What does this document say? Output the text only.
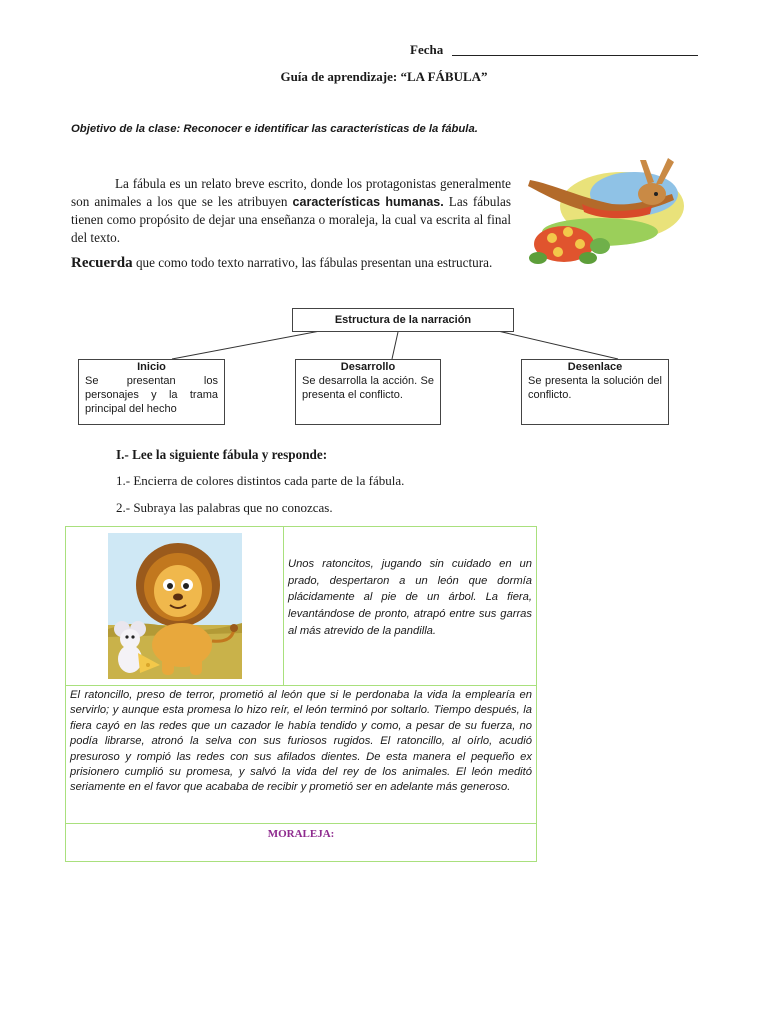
Fecha
Guía de aprendizaje: “LA FÁBULA”
Objetivo de la clase: Reconocer e identificar las características de la fábula.
La fábula es un relato breve escrito, donde los protagonistas generalmente son animales a los que se les atribuyen características humanas. Las fábulas tienen como propósito de dejar una enseñanza o moraleja, la cual va escrita al final del texto.
Recuerda que como todo texto narrativo, las fábulas presentan una estructura.
Estructura de la narración
Inicio
Se presentan los personajes y la trama principal del hecho
Desarrollo
Se desarrolla la acción. Se presenta el conflicto.
Desenlace
Se presenta la solución del conflicto.
I.- Lee la siguiente fábula y responde:
1.- Encierra de colores distintos cada parte de la fábula.
2.- Subraya las palabras que no conozcas.
Unos ratoncitos, jugando sin cuidado en un prado, despertaron a un león que dormía plácidamente al pie de un árbol. La fiera, levantándose de pronto, atrapó entre sus garras al más atrevido de la pandilla.
El ratoncillo, preso de terror, prometió al león que si le perdonaba la vida la emplearía en servirlo; y aunque esta promesa lo hizo reír, el león terminó por soltarlo. Tiempo después, la fiera cayó en las redes que un cazador le había tendido y como, a pesar de su fuerza, no podía librarse, atronó la selva con sus furiosos rugidos. El ratoncillo, al oírlo, acudió presuroso y rompió las redes con sus afilados dientes. De esta manera el pequeño ex prisionero cumplió su promesa, y salvó la vida del rey de los animales. El león meditó seriamente en el favor que acababa de recibir y prometió ser en adelante más generoso.
MORALEJA:
